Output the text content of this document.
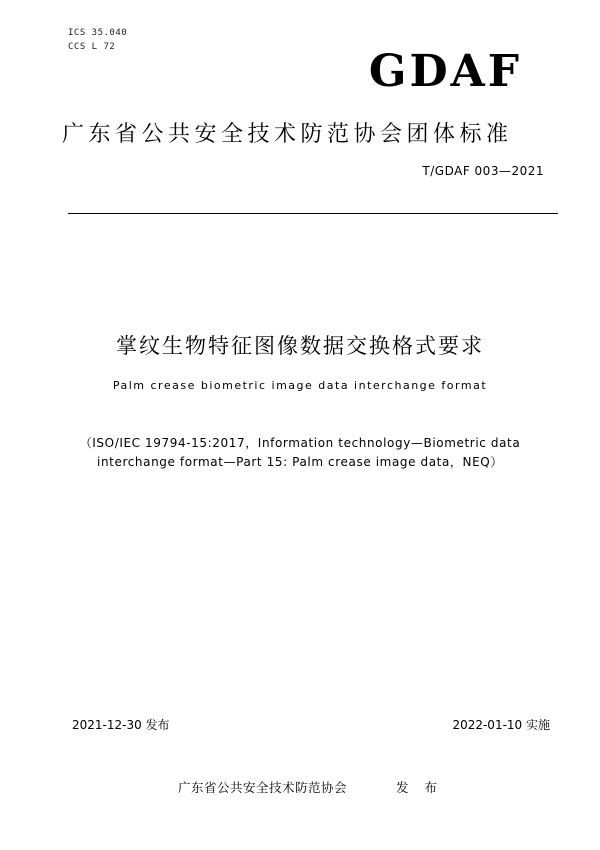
ICS 35.040
CCS L 72	GDAF
广东省公共安全技术防范协会团体标准
T/GDAF 003—2021
掌纹生物特征图像数据交换格式要求
Palm crease biometric image data interchange format
（ISO/IEC 19794-15:2017，Information technology—Biometric data
interchange format—Part 15: Palm crease image data，NEQ）
2021-12-30 发布	2022-01-10 实施
广东省公共安全技术防范协会	发 布
